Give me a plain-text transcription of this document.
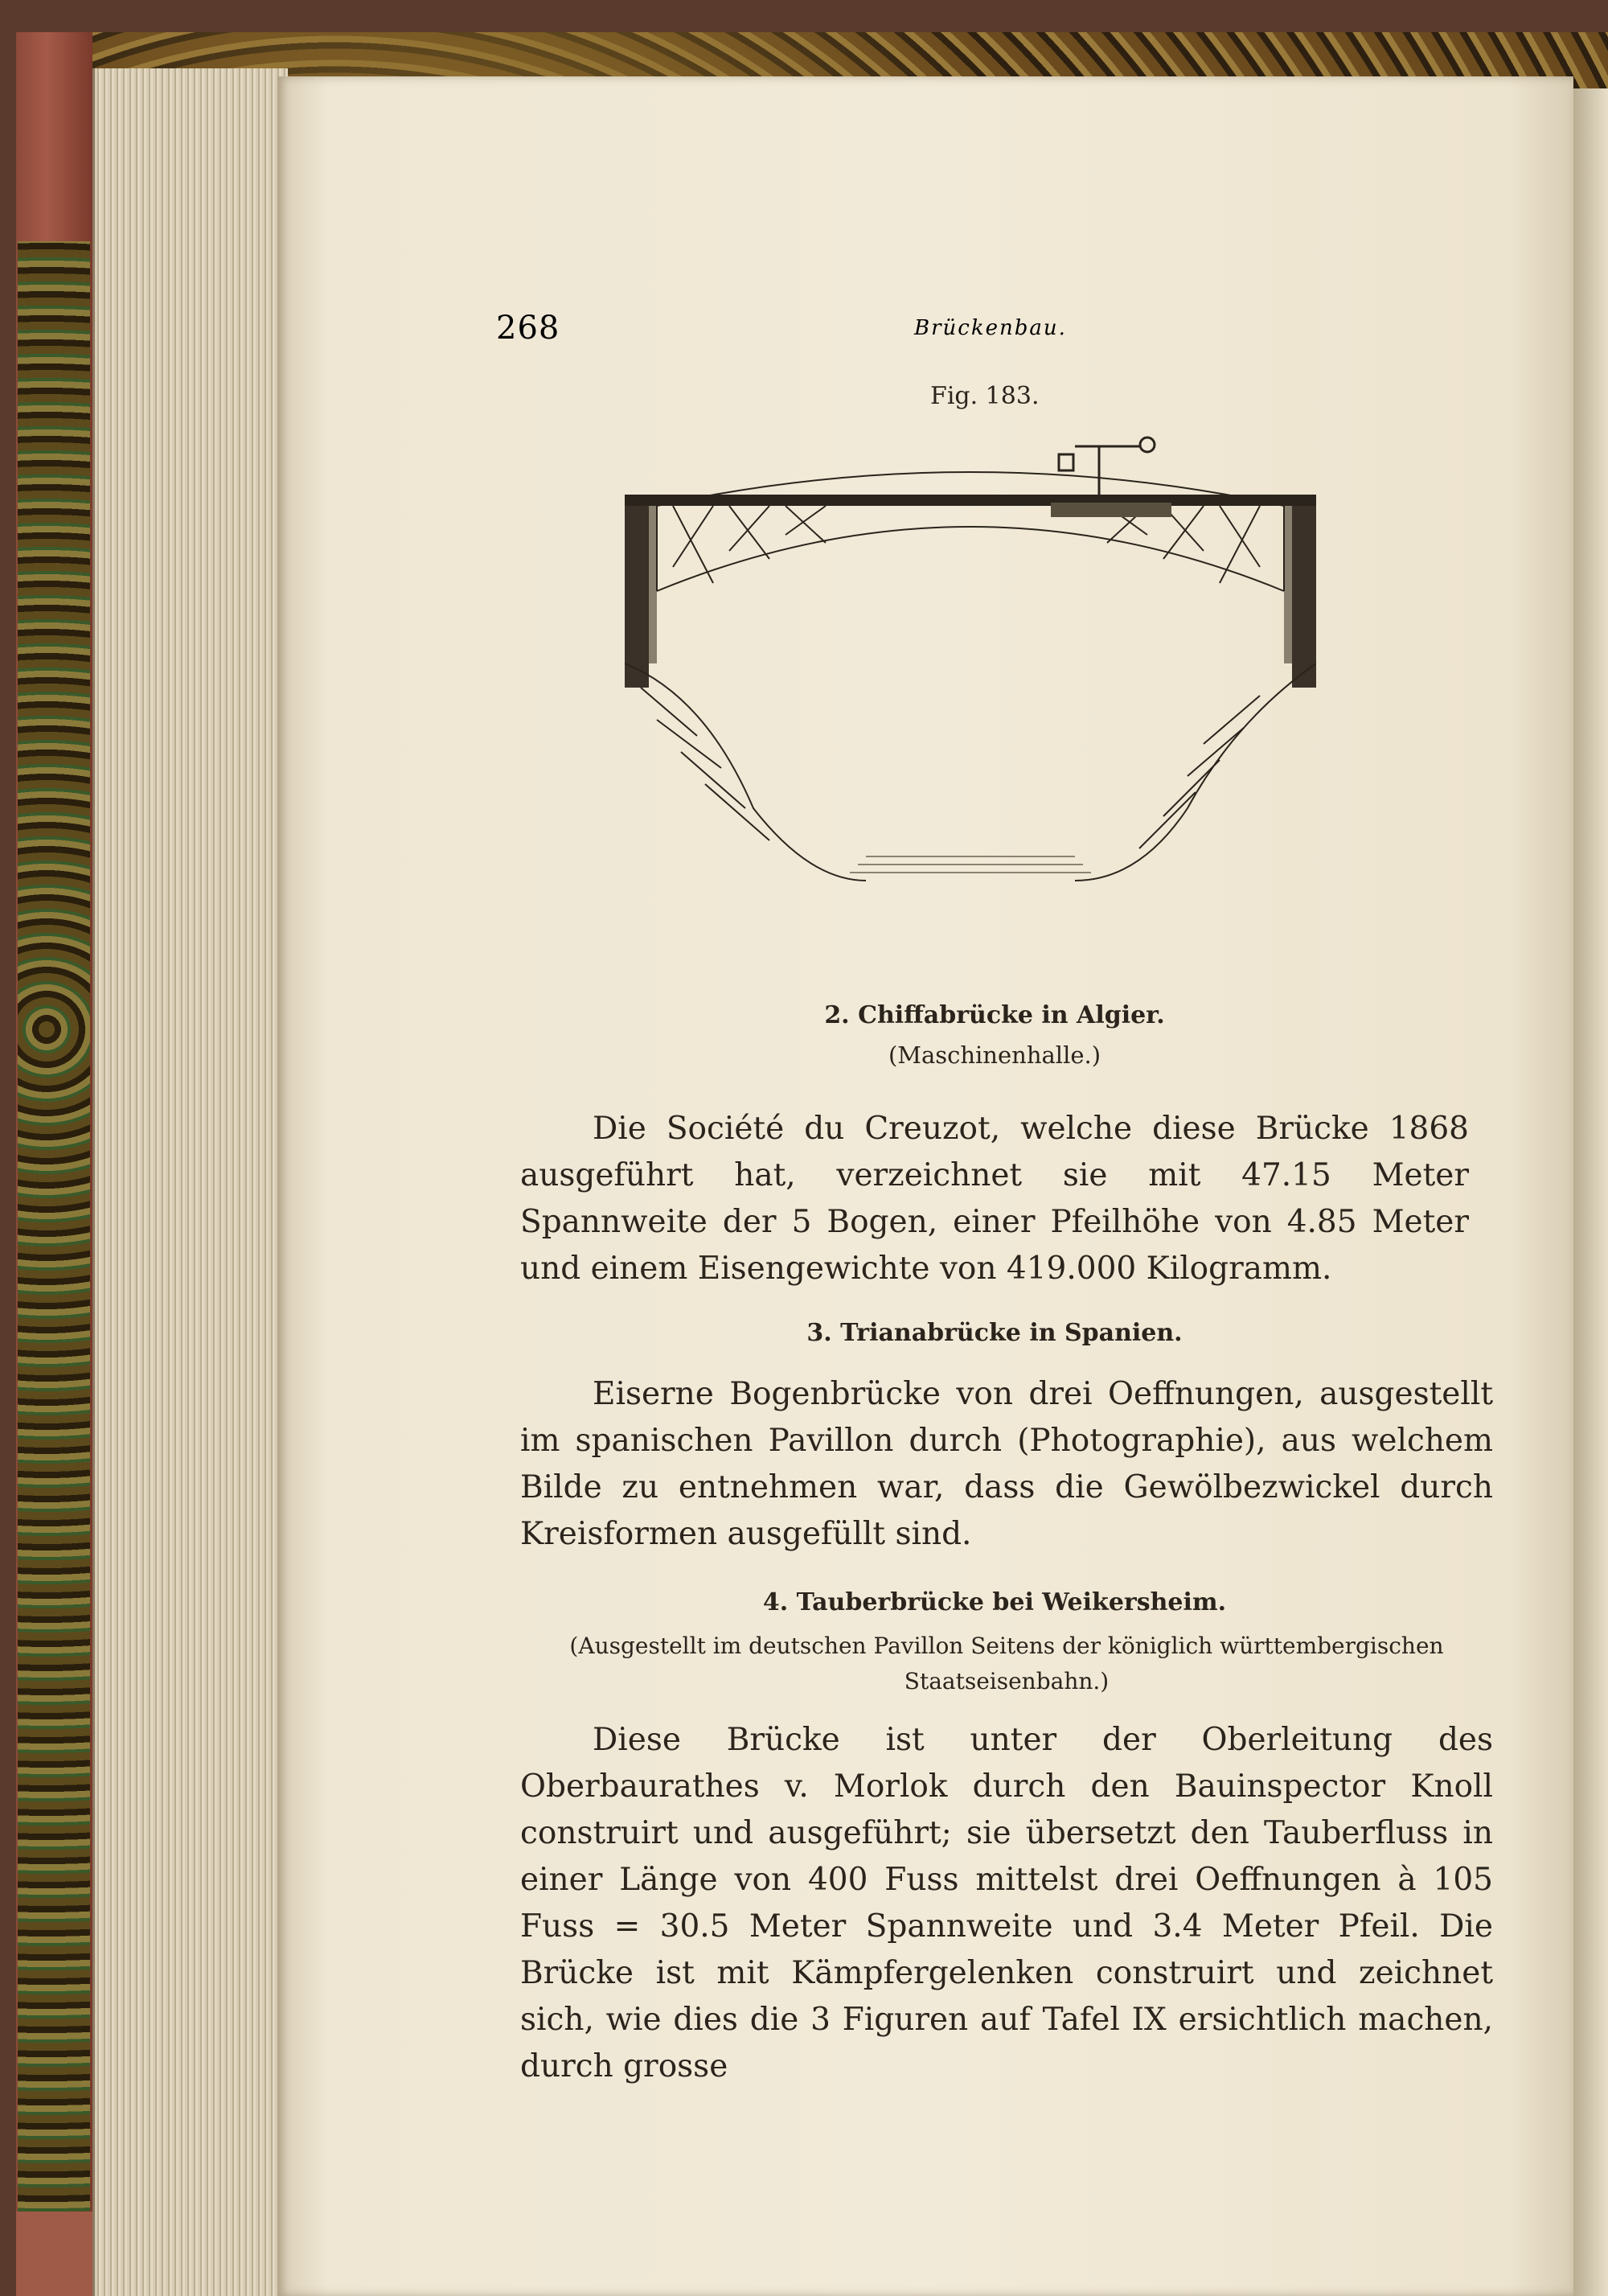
268	Brückenbau.
Fig. 183.
2. Chiffabrücke in Algier.
(Maschinenhalle.)
Die Société du Creuzot, welche diese Brücke 1868 ausgeführt hat, verzeichnet sie mit 47.15 Meter Spannweite der 5 Bogen, einer Pfeilhöhe von 4.85 Meter und einem Eisengewichte von 419.000 Kilogramm.
3. Trianabrücke in Spanien.
Eiserne Bogenbrücke von drei Oeffnungen, ausgestellt im spanischen Pavillon durch (Photographie), aus welchem Bilde zu entnehmen war, dass die Gewölbezwickel durch Kreisformen ausgefüllt sind.
4. Tauberbrücke bei Weikersheim.
(Ausgestellt im deutschen Pavillon Seitens der königlich württembergischen Staatseisenbahn.)
Diese Brücke ist unter der Oberleitung des Oberbaurathes v. Morlok durch den Bauinspector Knoll construirt und ausgeführt; sie übersetzt den Tauberfluss in einer Länge von 400 Fuss mittelst drei Oeffnungen à 105 Fuss = 30.5 Meter Spannweite und 3.4 Meter Pfeil. Die Brücke ist mit Kämpfergelenken construirt und zeichnet sich, wie dies die 3 Figuren auf Tafel IX ersichtlich machen, durch grosse
